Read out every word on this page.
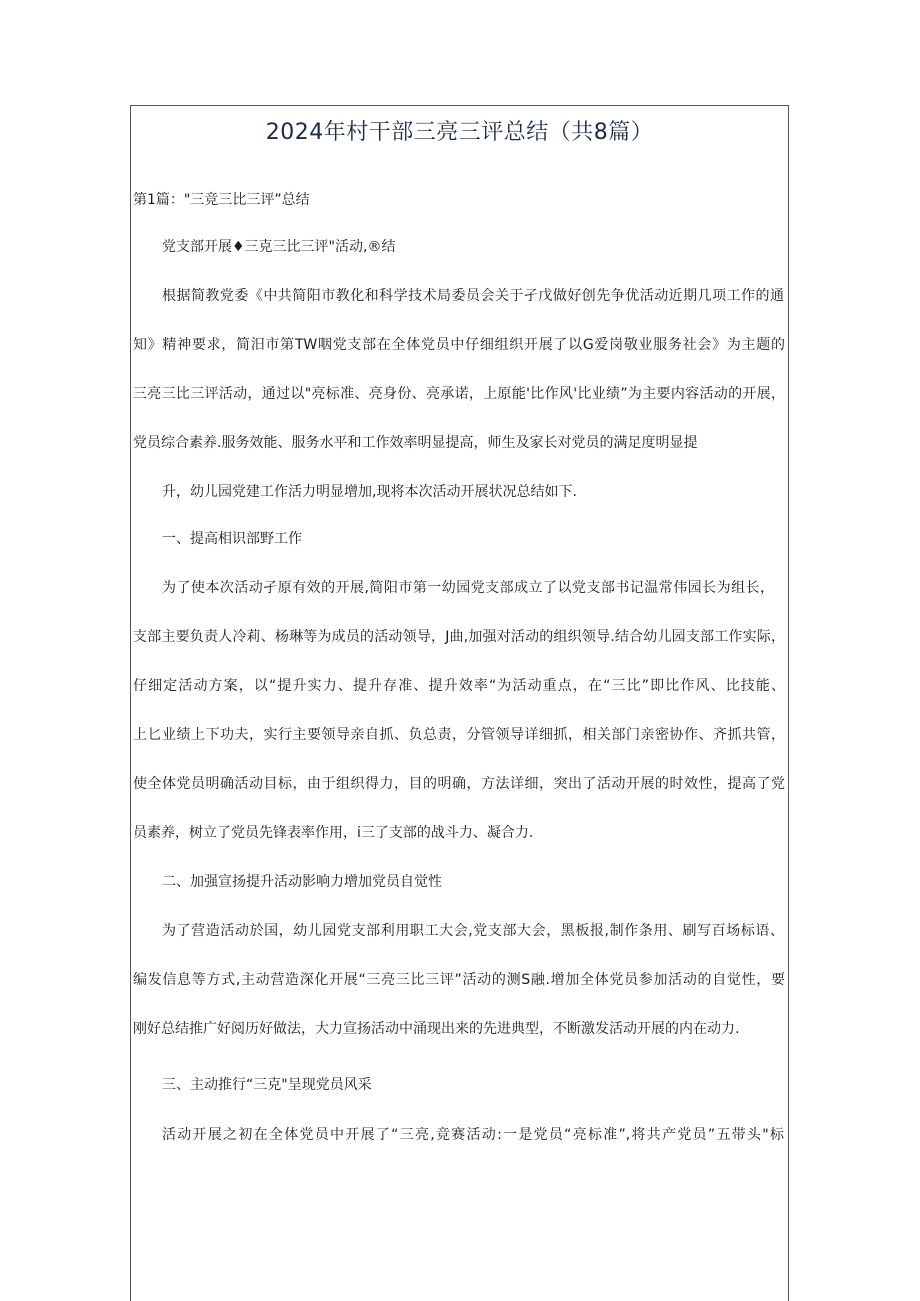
2024年村干部三亮三评总结（共8篇）
第1篇："三竞三比三评”总结
党支部开展♦三克三比三评"活动,®结
根据简教党委《中共简阳市教化和科学技术局委员会关于孑戊做好创先争优活动近期几项工作的通
知》精神要求，简汨市第TW咽党支部在全体党员中仔细组织开展了以G爱岗敬业服务社会》为主题的
三亮三比三评活动，通过以"亮标准、亮身份、亮承诺，上原能'比作风'比业绩”为主要内容活动的开展，
党员综合素养.服务效能、服务水平和工作效率明显提高，师生及家长对党员的满足度明显提
升，幼儿园党建工作活力明显增加,现将本次活动开展状况总结如下.
一、提高相识部野工作
为了使本次活动孑原有效的开展,简阳市第一幼园党支部成立了以党支部书记温常伟园长为组长，
支部主要负责人冷莉、杨琳等为成员的活动领导，J曲,加强对活动的组织领导.结合幼儿园支部工作实际，
仔细定活动方案，以“提升实力、提升存准、提升效率“为活动重点，在“三比”即比作风、比技能、
上匕业绩上下功夫，实行主要领导亲自抓、负总责，分管领导详细抓，相关部门亲密协作、齐抓共管，
使全体党员明确活动目标，由于组织得力，目的明确，方法详细，突出了活动开展的时效性，提高了党
员素养，树立了党员先锋表率作用，i三了支部的战斗力、凝合力.
二、加强宣扬提升活动影响力增加党员自觉性
为了营造活动於国，幼儿园党支部利用职工大会,党支部大会，黑板报,制作条用、刷写百场标语、
编发信息等方式,主动营造深化开展“三亮三比三评”活动的测S融.增加全体党员参加活动的自觉性，要
刚好总结推广好阅历好做法，大力宣扬活动中涌现出来的先进典型，不断激发活动开展的内在动力.
三、主动推行“三克"呈现党员风采
活动开展之初在全体党员中开展了“三亮,竞赛活动:一是党员“亮标准”,将共产党员”五带头"标
